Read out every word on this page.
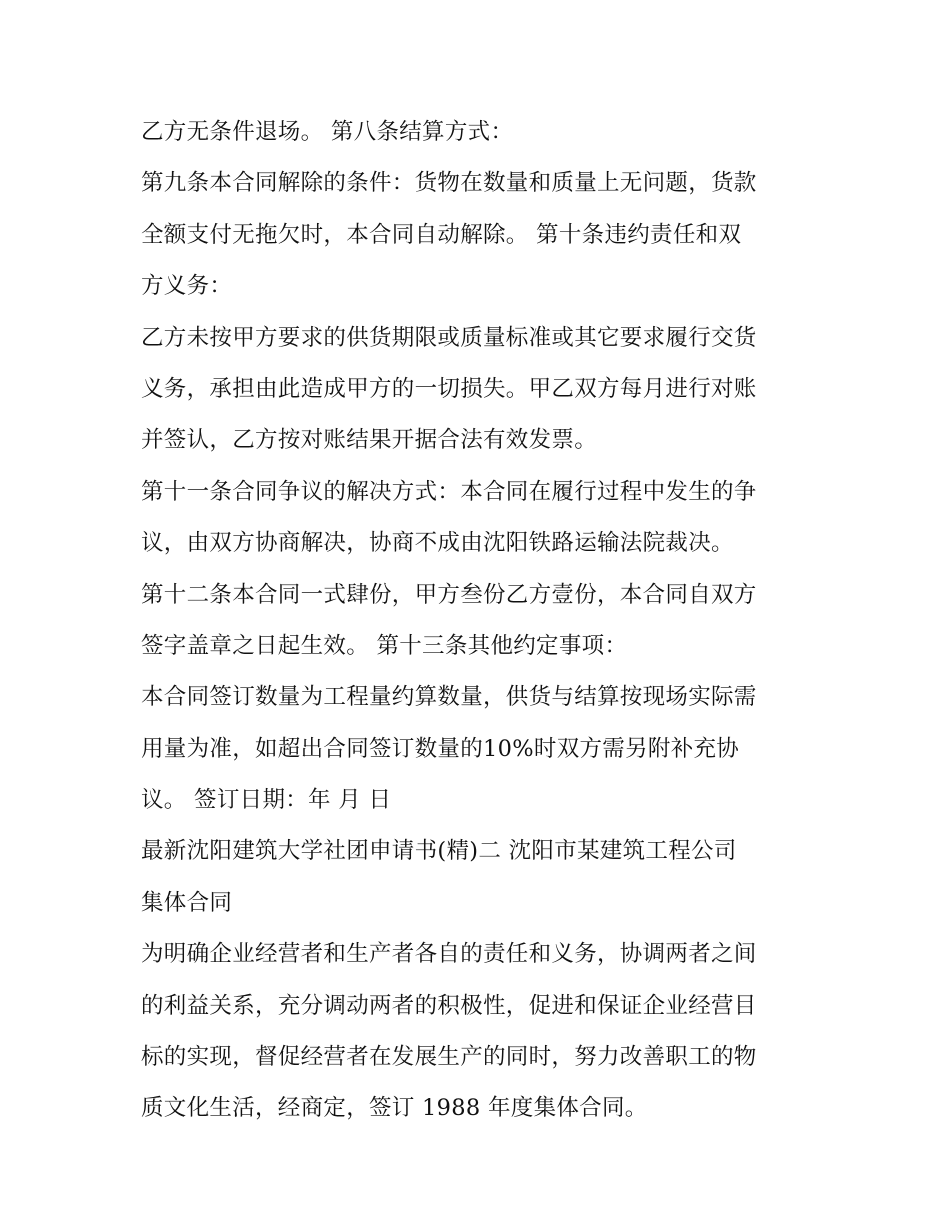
乙方无条件退场。 第八条结算方式：
第九条本合同解除的条件：货物在数量和质量上无问题，货款
全额支付无拖欠时，本合同自动解除。 第十条违约责任和双
方义务：
乙方未按甲方要求的供货期限或质量标准或其它要求履行交货
义务，承担由此造成甲方的一切损失。甲乙双方每月进行对账
并签认，乙方按对账结果开据合法有效发票。
第十一条合同争议的解决方式：本合同在履行过程中发生的争
议，由双方协商解决，协商不成由沈阳铁路运输法院裁决。
第十二条本合同一式肆份，甲方叁份乙方壹份，本合同自双方
签字盖章之日起生效。 第十三条其他约定事项：
本合同签订数量为工程量约算数量，供货与结算按现场实际需
用量为准，如超出合同签订数量的10%时双方需另附补充协
议。 签订日期：年 月 日
最新沈阳建筑大学社团申请书(精)二 沈阳市某建筑工程公司
集体合同
为明确企业经营者和生产者各自的责任和义务，协调两者之间
的利益关系，充分调动两者的积极性，促进和保证企业经营目
标的实现，督促经营者在发展生产的同时，努力改善职工的物
质文化生活，经商定，签订 1988 年度集体合同。
